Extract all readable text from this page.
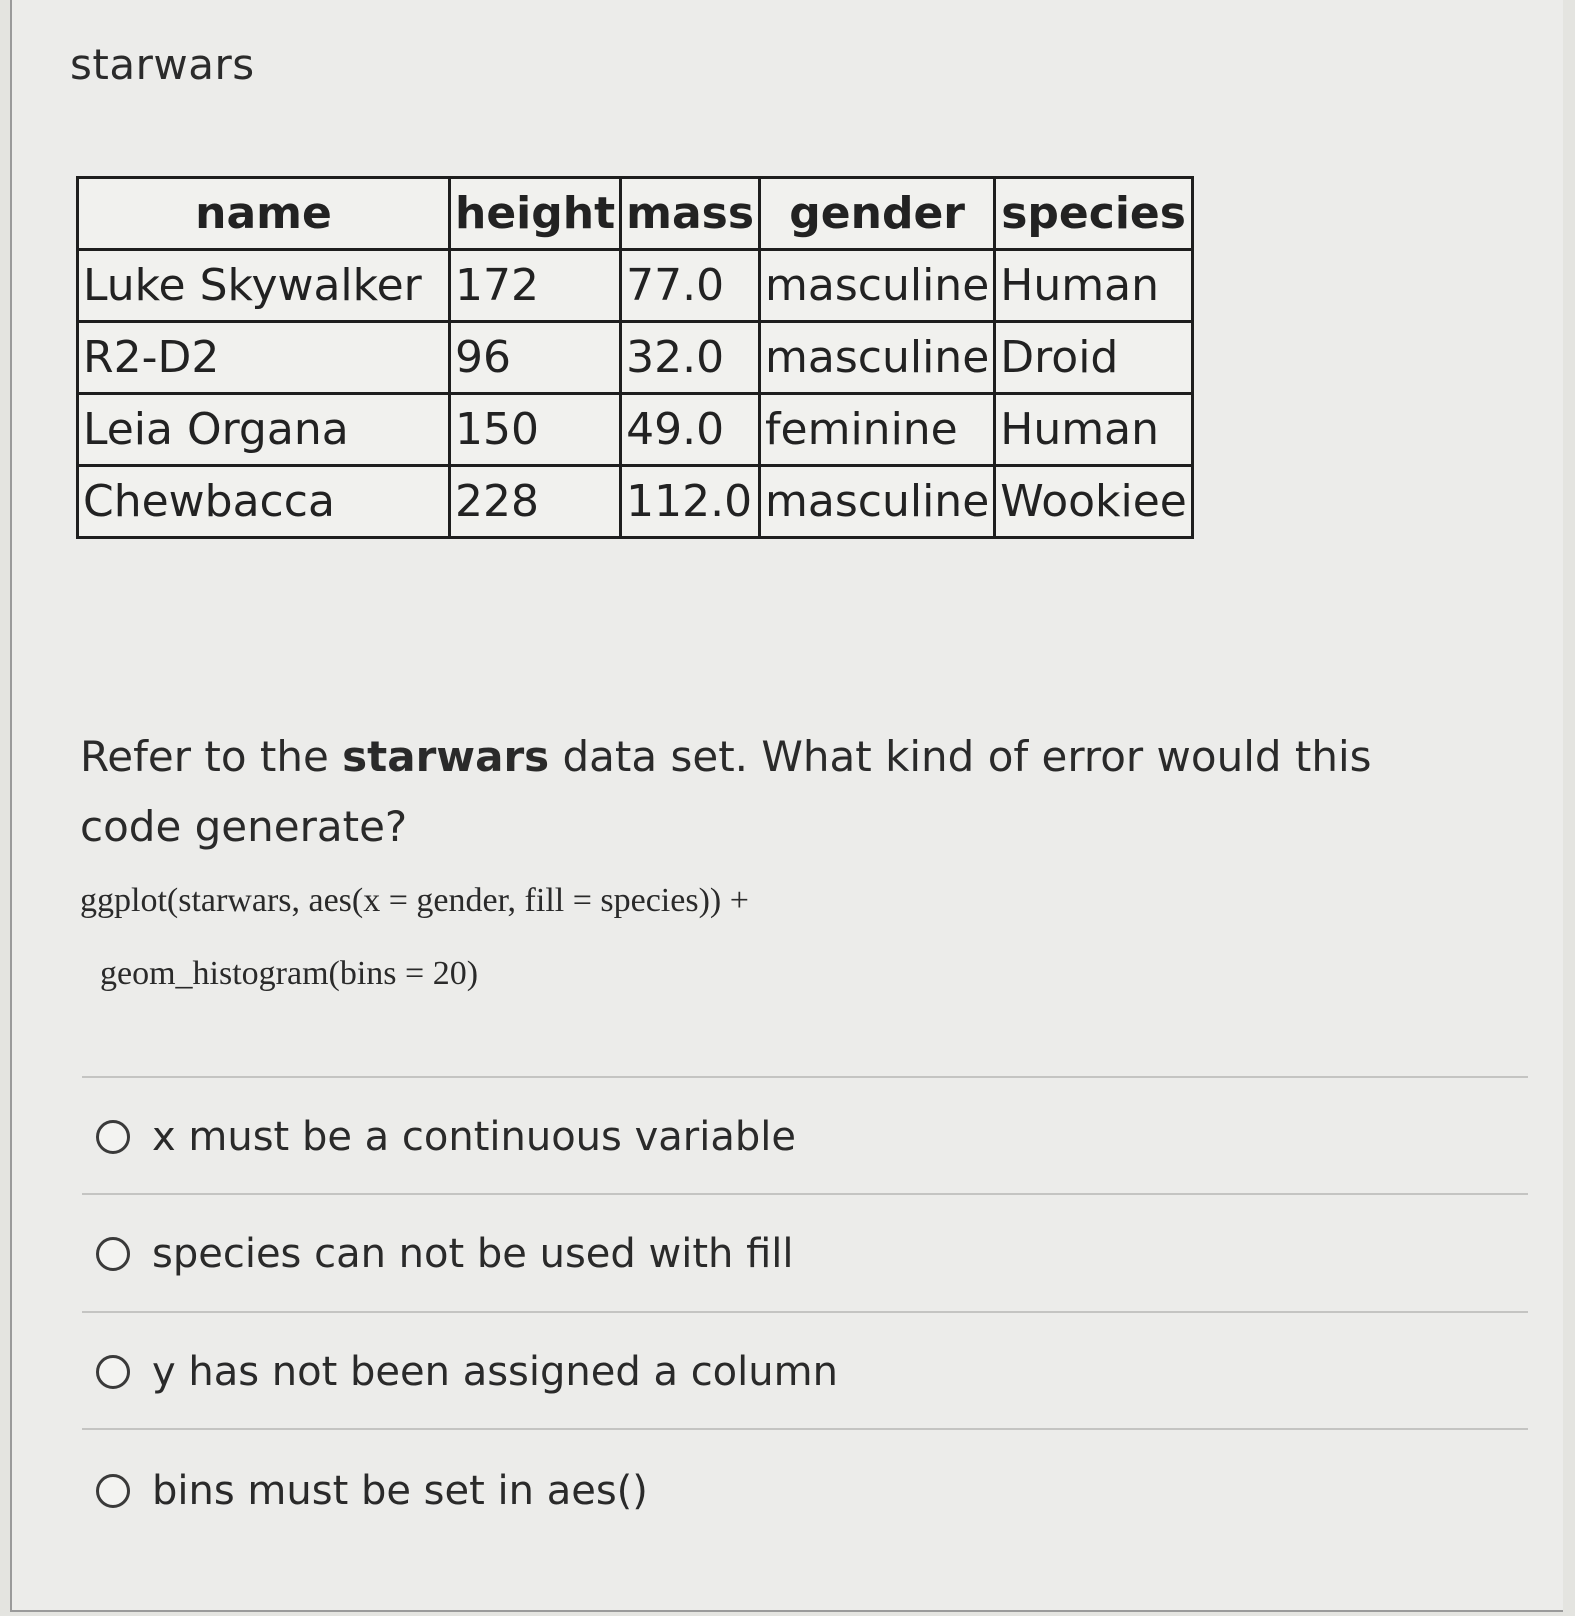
starwars
name	height	mass	gender	species
Luke Skywalker	172	77.0	masculine	Human
R2-D2	96	32.0	masculine	Droid
Leia Organa	150	49.0	feminine	Human
Chewbacca	228	112.0	masculine	Wookiee
Refer to the starwars data set. What kind of error would this code generate?
ggplot(starwars, aes(x = gender, fill = species)) +
geom_histogram(bins = 20)
x must be a continuous variable
species can not be used with fill
y has not been assigned a column
bins must be set in aes()
